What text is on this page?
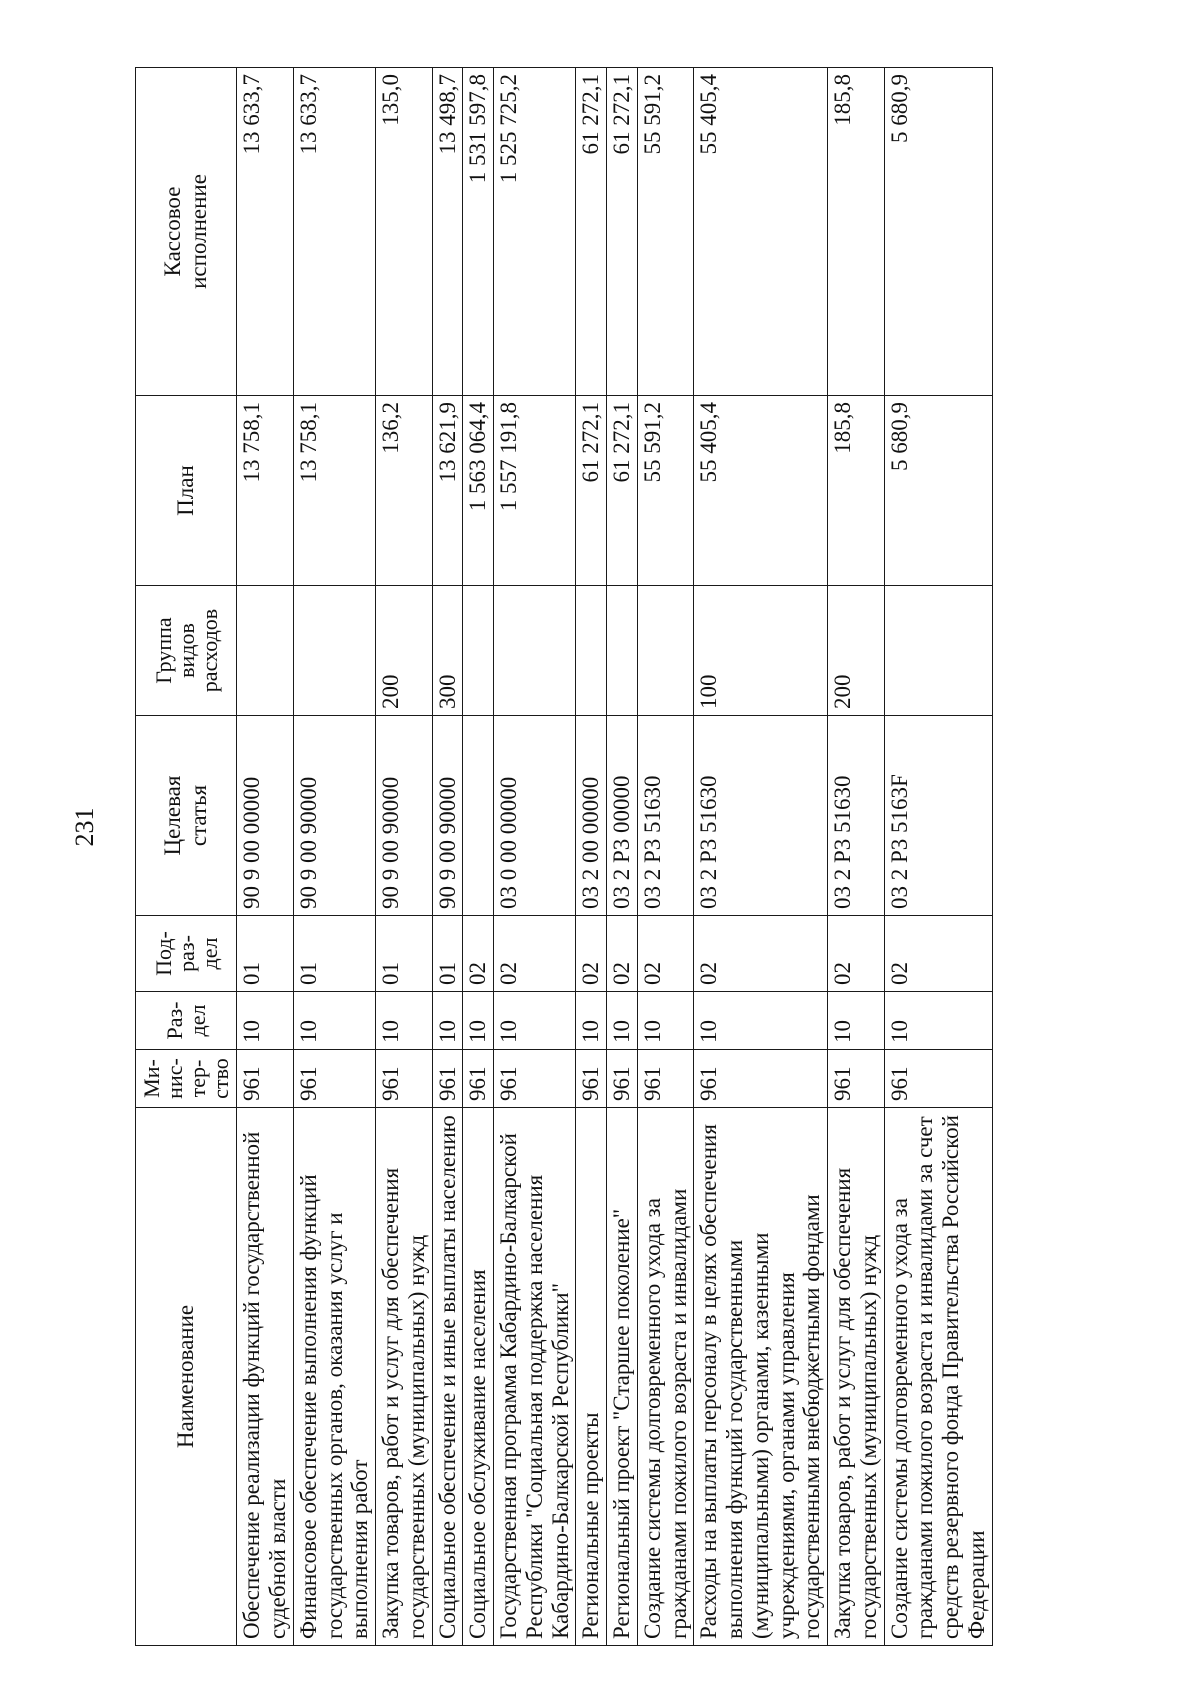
231
Наименование	Ми-
нис-
тер-
ство	Раз-
дел	Под-
раз-
дел	Целевая
статья	Группа
видов
расходов	План	Кассовое
исполнение
Обеспечение реализации функций государственной судебной власти	961	10	01	90 9 00 00000		13 758,1	13 633,7
Финансовое обеспечение выполнения функций государственных органов, оказания услуг и выполнения работ	961	10	01	90 9 00 90000		13 758,1	13 633,7
Закупка товаров, работ и услуг для обеспечения государственных (муниципальных) нужд	961	10	01	90 9 00 90000	200	136,2	135,0
Социальное обеспечение и иные выплаты населению	961	10	01	90 9 00 90000	300	13 621,9	13 498,7
Социальное обслуживание населения	961	10	02			1 563 064,4	1 531 597,8
Государственная программа Кабардино-Балкарской Республики "Социальная поддержка населения Кабардино-Балкарской Республики"	961	10	02	03 0 00 00000		1 557 191,8	1 525 725,2
Региональные проекты	961	10	02	03 2 00 00000		61 272,1	61 272,1
Региональный проект "Старшее поколение"	961	10	02	03 2 P3 00000		61 272,1	61 272,1
Создание системы долговременного ухода за гражданами пожилого возраста и инвалидами	961	10	02	03 2 P3 51630		55 591,2	55 591,2
Расходы на выплаты персоналу в целях обеспечения выполнения функций государственными (муниципальными) органами, казенными учреждениями, органами управления государственными внебюджетными фондами	961	10	02	03 2 P3 51630	100	55 405,4	55 405,4
Закупка товаров, работ и услуг для обеспечения государственных (муниципальных) нужд	961	10	02	03 2 P3 51630	200	185,8	185,8
Создание системы долговременного ухода за гражданами пожилого возраста и инвалидами за счет средств резервного фонда Правительства Российской Федерации	961	10	02	03 2 P3 5163F		5 680,9	5 680,9
